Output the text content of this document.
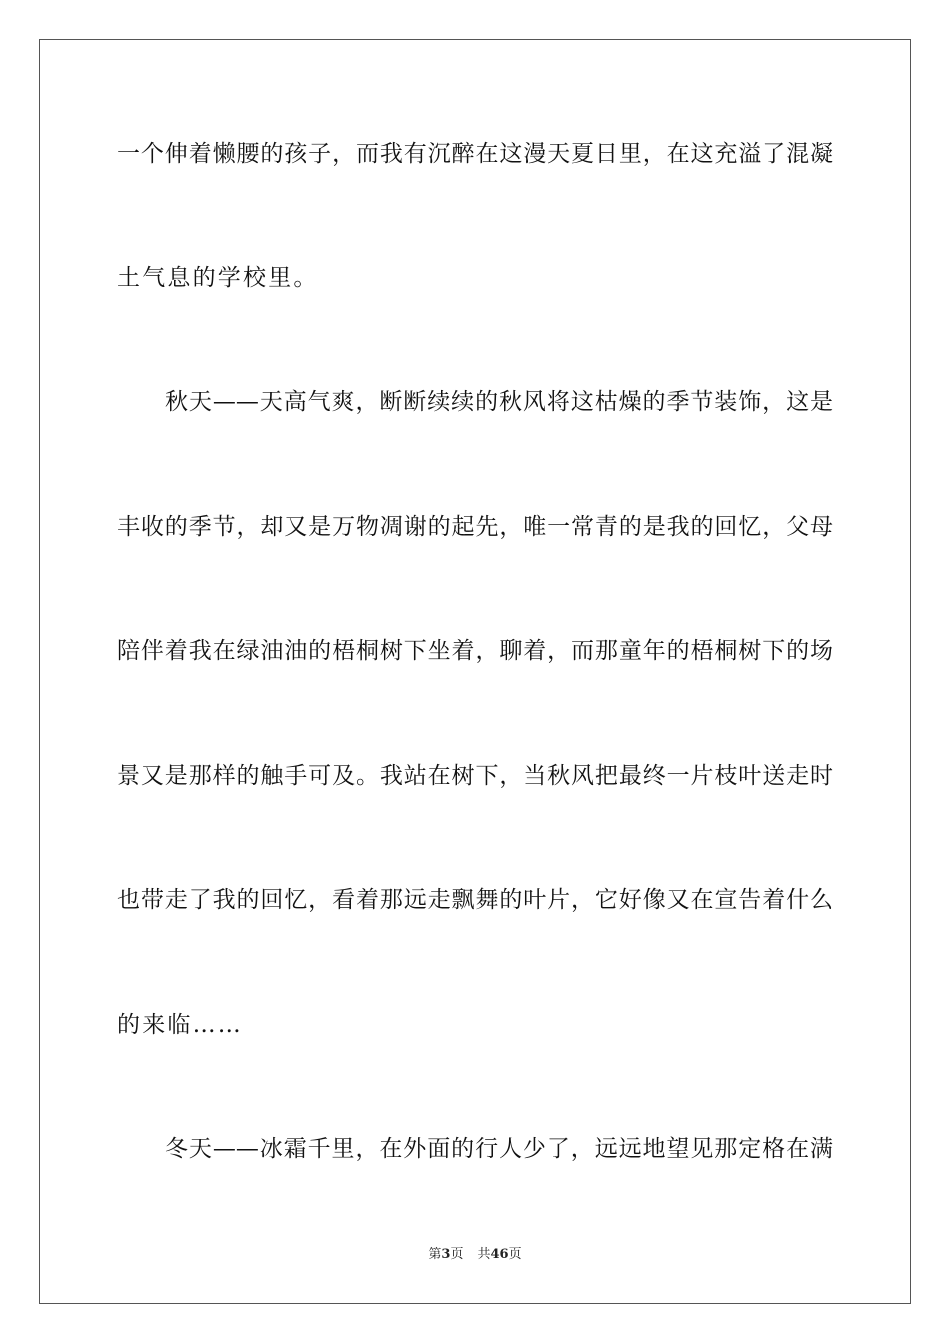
一个伸着懒腰的孩子，而我有沉醉在这漫天夏日里，在这充溢了混凝
土气息的学校里。
秋天——天高气爽，断断续续的秋风将这枯燥的季节装饰，这是
丰收的季节，却又是万物凋谢的起先，唯一常青的是我的回忆，父母
陪伴着我在绿油油的梧桐树下坐着，聊着，而那童年的梧桐树下的场
景又是那样的触手可及。我站在树下，当秋风把最终一片枝叶送走时
也带走了我的回忆，看着那远走飘舞的叶片，它好像又在宣告着什么
的来临……
冬天——冰霜千里，在外面的行人少了，远远地望见那定格在满
第3页 共46页
